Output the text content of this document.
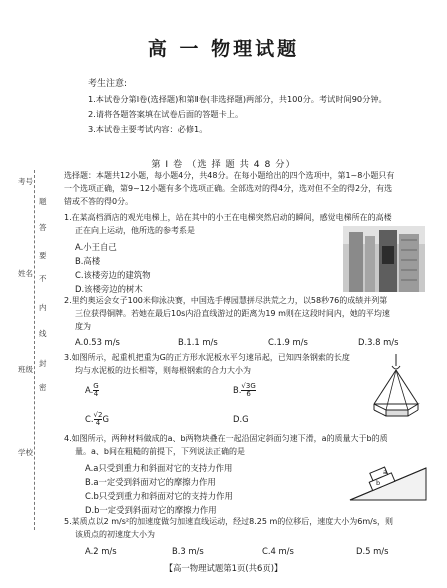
高 一 物理试题
考生注意:
1.本试卷分第Ⅰ卷(选择题)和第Ⅱ卷(非选择题)两部分，共100分。考试时间90分钟。
2.请将各题答案填在试卷后面的答题卡上。
3.本试卷主要考试内容：必修1。
第 Ⅰ 卷 （选 择 题 共 4 8 分）
选择题：本题共12小题，每小题4分，共48分。在每小题给出的四个选项中，第1~8小题只有
一个选项正确，第9~12小题有多个选项正确。全部选对的得4分，选对但不全的得2分，有选
错或不答的得0分。
考号
题
答
要
不
姓名
内
线
班级
封
密
学校
1.在某高档酒店的观光电梯上，站在其中的小王在电梯突然启动的瞬间，感觉电梯所在的高楼
正在向上运动，他所选的参考系是
A.小王自己
B.高楼
C.该楼旁边的建筑物
D.该楼旁边的树木
2.里约奥运会女子100米仰泳决赛，中国选手傅园慧拼尽洪荒之力，以58秒76的成绩并列第
三位获得铜牌。若她在最后10s内沿直线游过的距离为19 m则在这段时间内，她的平均速
度为
A.0.53 m/s	B.1.1 m/s	C.1.9 m/s	D.3.8 m/s
3.如图所示，起重机把重为G的正方形水泥板水平匀速吊起，已知四条钢索的长度
均与水泥板的边长相等，则每根钢索的合力大小为
A. $\frac{G}{4}$	B. $\frac{√3G}{6}$
C. $\frac{√2}{4}$ G	D.G
4.如图所示，两种材料做成的a、b两物块叠在一起沿固定斜面匀速下滑，a的质量大于b的质
量。a、b间在粗糙的前提下，下列说法正确的是
A.a只受到重力和斜面对它的支持力作用
B.a一定受到斜面对它的摩擦力作用
C.b只受到重力和斜面对它的支持力作用
D.b一定受到斜面对它的摩擦力作用
a
b
5.某质点以2 m/s²的加速度做匀加速直线运动，经过8.25 m的位移后，速度大小为6m/s，则
该质点的初速度大小为
A.2 m/s	B.3 m/s	C.4 m/s	D.5 m/s
【高一物理试题第1页(共6页)】
